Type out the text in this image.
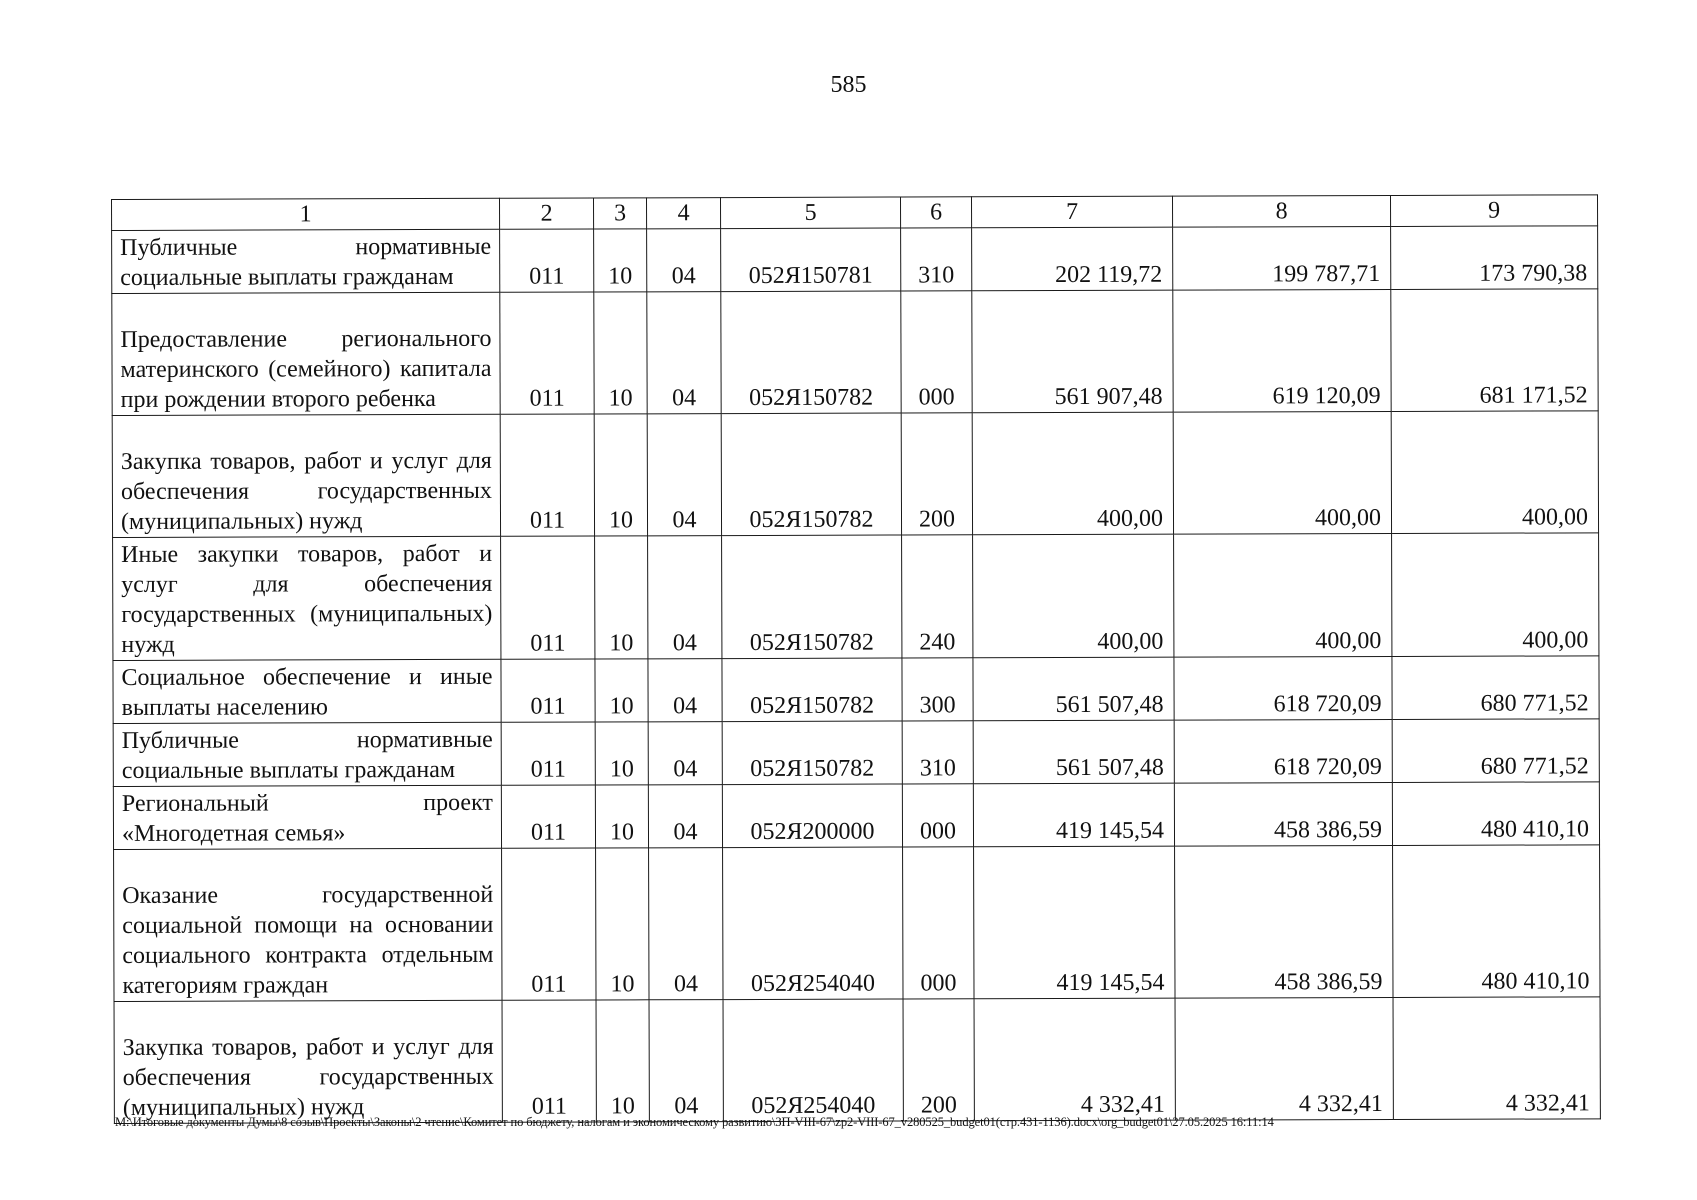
585
1	2	3	4	5	6	7	8	9
Публичные нормативные социальные выплаты гражданам	011	10	04	052Я150781	310	202 119,72	199 787,71	173 790,38
Предоставление регионального материнского (семейного) капитала при рождении второго ребенка	011	10	04	052Я150782	000	561 907,48	619 120,09	681 171,52
Закупка товаров, работ и услуг для обеспечения государственных (муниципальных) нужд	011	10	04	052Я150782	200	400,00	400,00	400,00
Иные закупки товаров, работ и услуг для обеспечения государственных (муниципальных) нужд	011	10	04	052Я150782	240	400,00	400,00	400,00
Социальное обеспечение и иные выплаты населению	011	10	04	052Я150782	300	561 507,48	618 720,09	680 771,52
Публичные нормативные социальные выплаты гражданам	011	10	04	052Я150782	310	561 507,48	618 720,09	680 771,52
Региональный проект «Многодетная семья»	011	10	04	052Я200000	000	419 145,54	458 386,59	480 410,10
Оказание государственной социальной помощи на основании социального контракта отдельным категориям граждан	011	10	04	052Я254040	000	419 145,54	458 386,59	480 410,10
Закупка товаров, работ и услуг для обеспечения государственных (муниципальных) нужд	011	10	04	052Я254040	200	4 332,41	4 332,41	4 332,41
M:\Итоговые документы Думы\8 созыв\Проекты\Законы\2 чтение\Комитет по бюджету, налогам и экономическому развитию\ЗП-VIII-67\zp2-VIII-67_v280525_budget01(стр.431-1136).docx\org_budget01\27.05.2025 16:11:14
